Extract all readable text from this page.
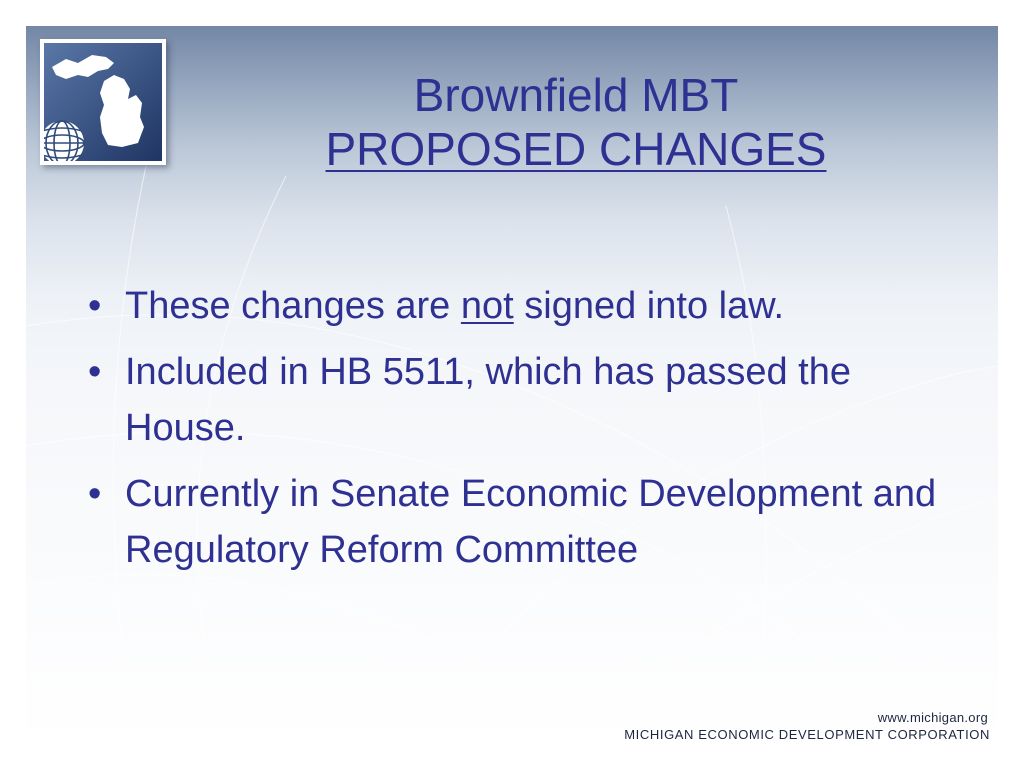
Brownfield MBT
PROPOSED CHANGES
• These changes are not signed into law.
• Included in HB 5511, which has passed the House.
• Currently in Senate Economic Development and Regulatory Reform Committee
www.michigan.org
MICHIGAN ECONOMIC DEVELOPMENT CORPORATION
